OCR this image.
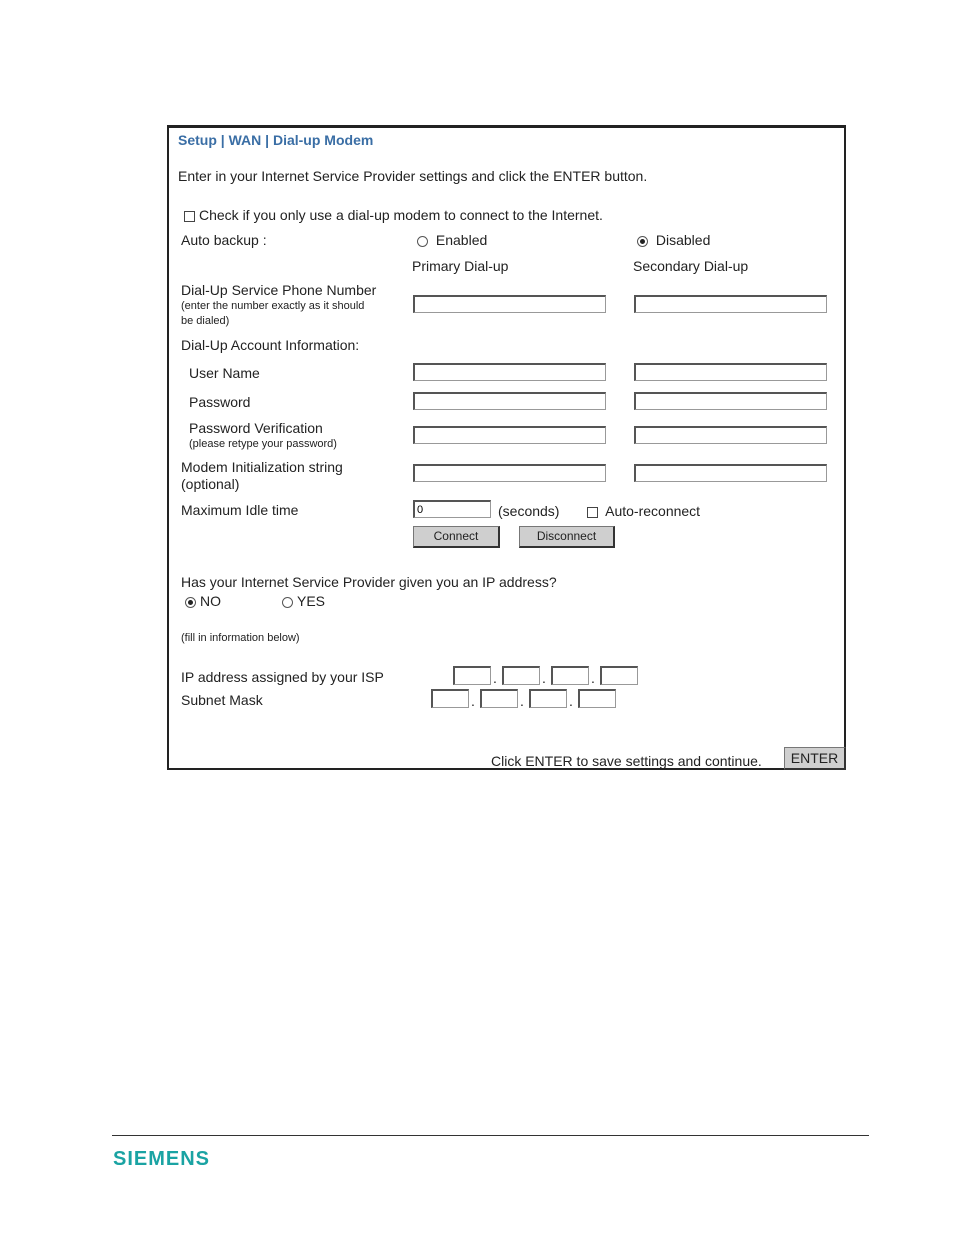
Setup | WAN | Dial-up Modem
Enter in your Internet Service Provider settings and click the ENTER button.
Check if you only use a dial-up modem to connect to the Internet.
Auto backup :	Enabled	Disabled
Primary Dial-up	Secondary Dial-up
Dial-Up Service Phone Number
(enter the number exactly as it should
be dialed)
Dial-Up Account Information:
User Name
Password
Password Verification
(please retype your password)
Modem Initialization string
(optional)
Maximum Idle time
0	(seconds)	Auto-reconnect
Connect	Disconnect
Has your Internet Service Provider given you an IP address?
NO	YES
(fill in information below)
IP address assigned by your ISP	.	.	.
Subnet Mask	.	.	.
Click ENTER to save settings and continue.	ENTER
SIEMENS
